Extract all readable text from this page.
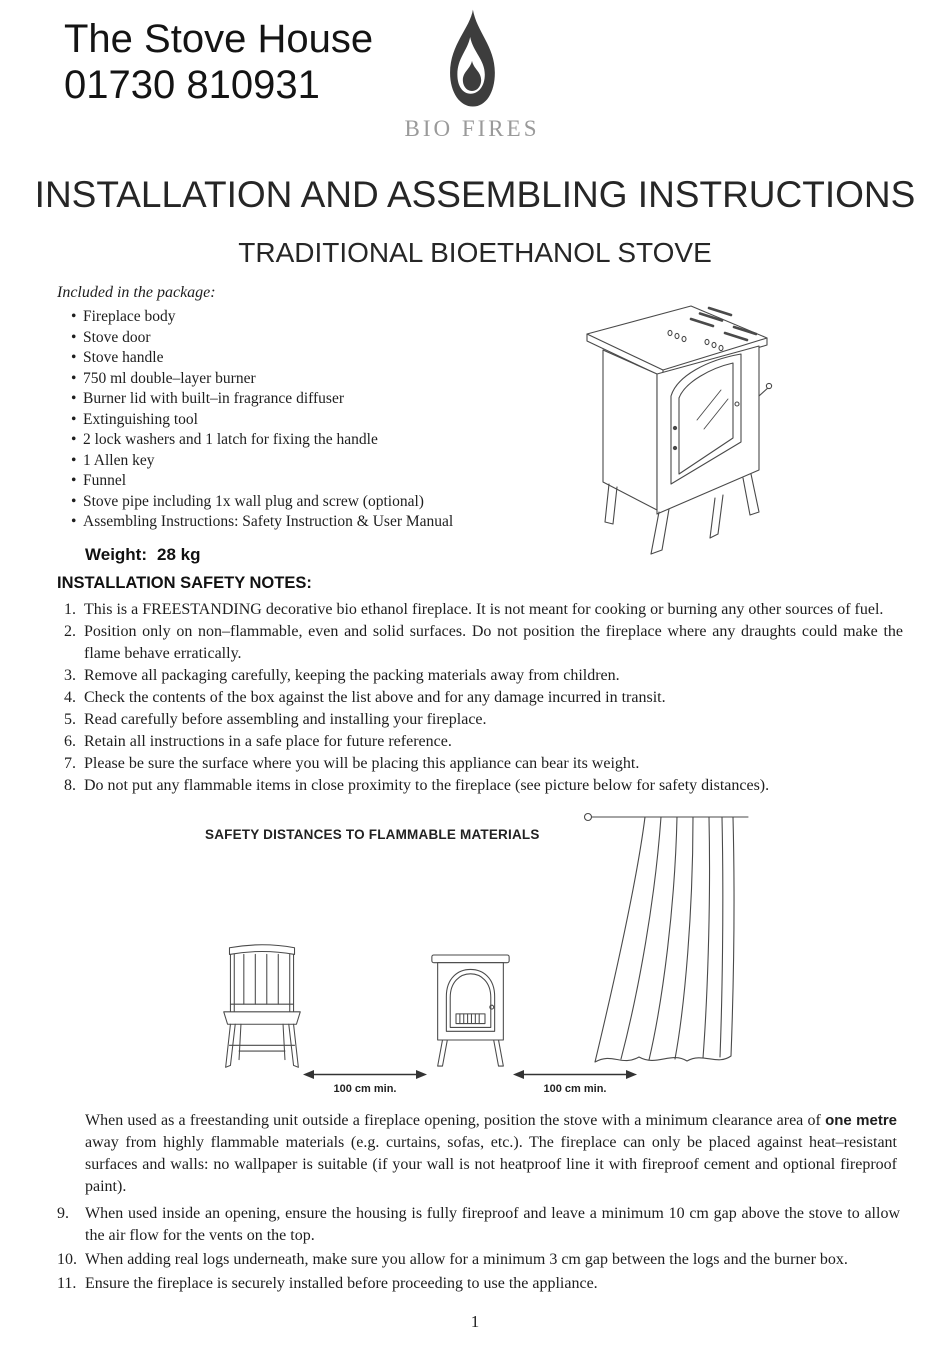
The Stove House
01730 810931
BIO FIRES
INSTALLATION AND ASSEMBLING INSTRUCTIONS
TRADITIONAL BIOETHANOL STOVE
Included in the package:
• Fireplace body
• Stove door
• Stove handle
• 750 ml double–layer burner
• Burner lid with built–in fragrance diffuser
• Extinguishing tool
• 2 lock washers and 1 latch for fixing the handle
• 1 Allen key
• Funnel
• Stove pipe including 1x wall plug and screw (optional)
• Assembling Instructions: Safety Instruction & User Manual
Weight: 28 kg
INSTALLATION SAFETY NOTES:
1. This is a FREESTANDING decorative bio ethanol fireplace. It is not meant for cooking or burning any other sources of fuel.
2. Position only on non–flammable, even and solid surfaces. Do not position the fireplace where any draughts could make the flame behave erratically.
3. Remove all packaging carefully, keeping the packing materials away from children.
4. Check the contents of the box against the list above and for any damage incurred in transit.
5. Read carefully before assembling and installing your fireplace.
6. Retain all instructions in a safe place for future reference.
7. Please be sure the surface where you will be placing this appliance can bear its weight.
8. Do not put any flammable items in close proximity to the fireplace (see picture below for safety distances).
SAFETY DISTANCES TO FLAMMABLE MATERIALS
100 cm min.	100 cm min.

When used as a freestanding unit outside a fireplace opening, position the stove with a minimum clearance area of one metre away from highly flammable materials (e.g. curtains, sofas, etc.). The fireplace can only be placed against heat–resistant surfaces and walls: no wallpaper is suitable (if your wall is not heatproof line it with fireproof cement and optional fireproof paint).

9.	When used inside an opening, ensure the housing is fully fireproof and leave a minimum 10 cm gap above the stove to allow the air flow for the vents on the top.
10. When adding real logs underneath, make sure you allow for a minimum 3 cm gap between the logs and the burner box.
11. Ensure the fireplace is securely installed before proceeding to use the appliance.
1
